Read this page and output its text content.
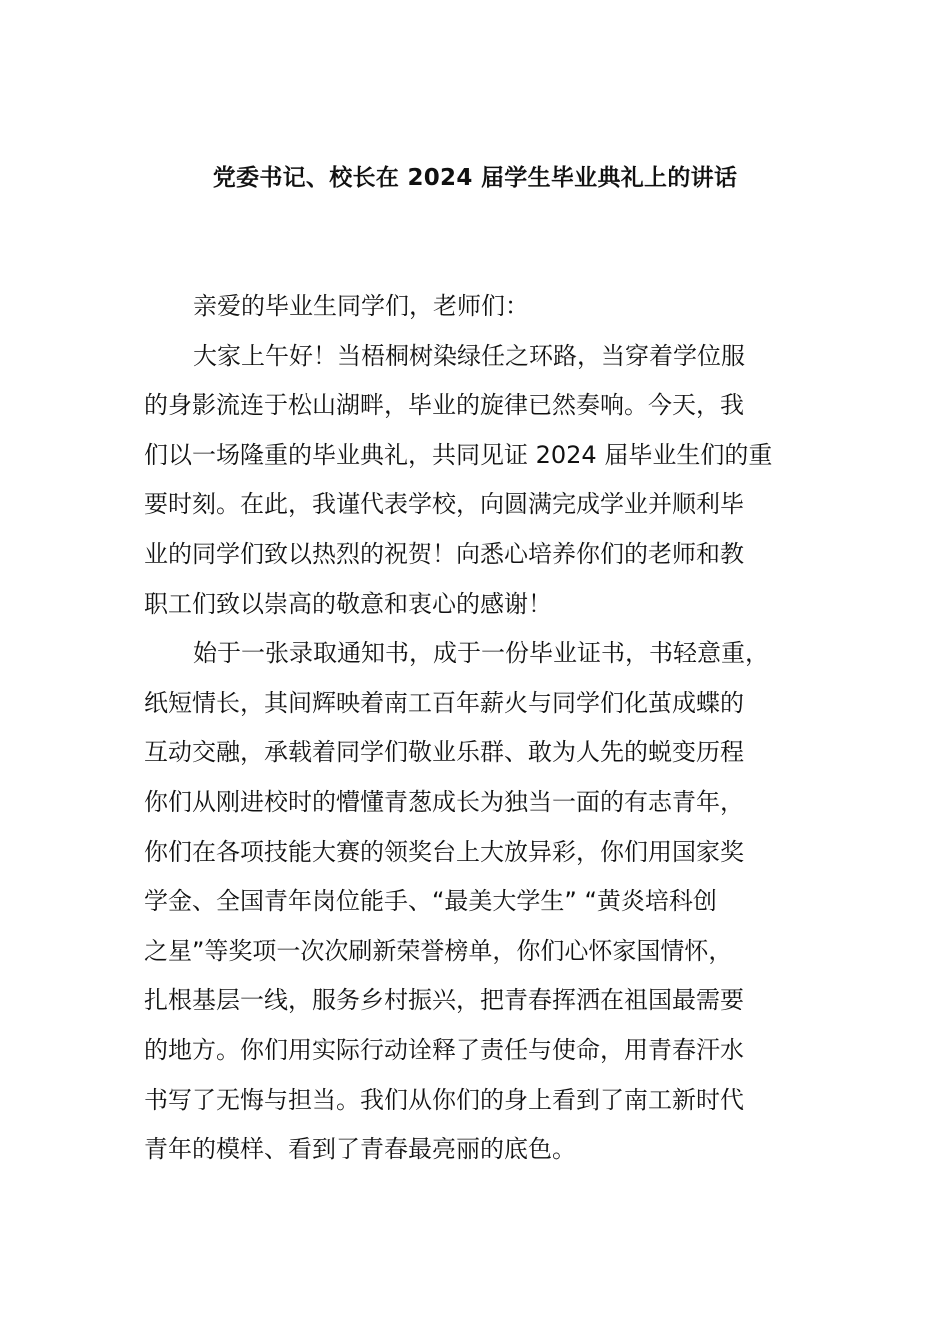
党委书记、校长在 2024 届学生毕业典礼上的讲话
亲爱的毕业生同学们，老师们：
大家上午好！当梧桐树染绿任之环路，当穿着学位服
的身影流连于松山湖畔，毕业的旋律已然奏响。今天，我
们以一场隆重的毕业典礼，共同见证 2024 届毕业生们的重
要时刻。在此，我谨代表学校，向圆满完成学业并顺利毕
业的同学们致以热烈的祝贺！向悉心培养你们的老师和教
职工们致以崇高的敬意和衷心的感谢！
始于一张录取通知书，成于一份毕业证书，书轻意重，
纸短情长，其间辉映着南工百年薪火与同学们化茧成蝶的
互动交融，承载着同学们敬业乐群、敢为人先的蜕变历程
你们从刚进校时的懵懂青葱成长为独当一面的有志青年，
你们在各项技能大赛的领奖台上大放异彩，你们用国家奖
学金、全国青年岗位能手、“最美大学生” “黄炎培科创
之星”等奖项一次次刷新荣誉榜单，你们心怀家国情怀，
扎根基层一线，服务乡村振兴，把青春挥洒在祖国最需要
的地方。你们用实际行动诠释了责任与使命，用青春汗水
书写了无悔与担当。我们从你们的身上看到了南工新时代
青年的模样、看到了青春最亮丽的底色。
